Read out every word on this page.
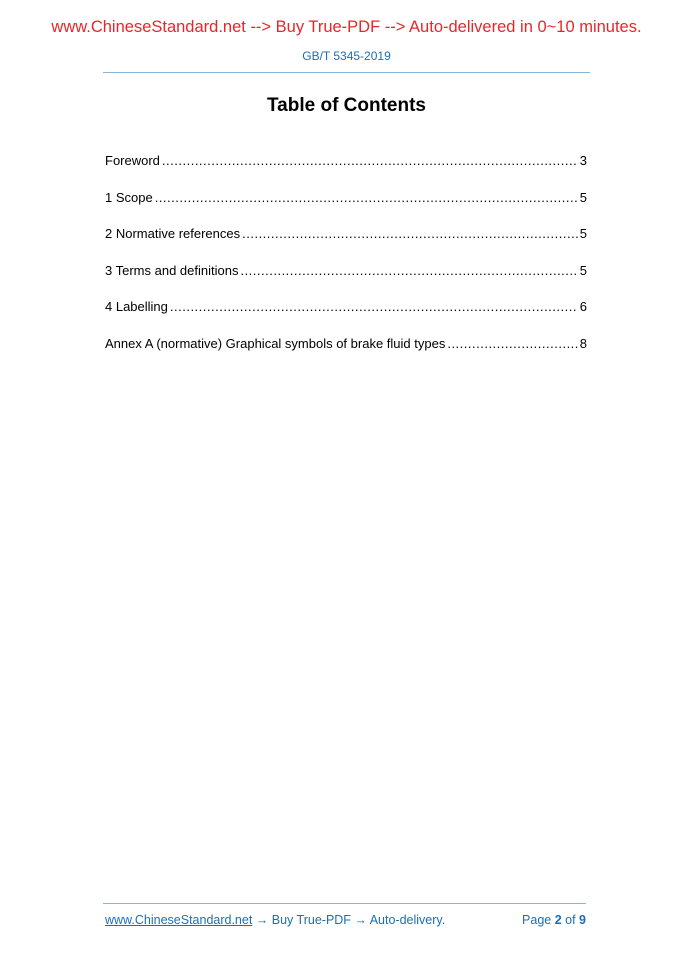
www.ChineseStandard.net --> Buy True-PDF --> Auto-delivered in 0~10 minutes.
GB/T 5345-2019
Table of Contents
Foreword .....	3
1 Scope .....	5
2 Normative references .....	5
3 Terms and definitions .....	5
4 Labelling .....	6
Annex A (normative) Graphical symbols of brake fluid types .....	8
www.ChineseStandard.net → Buy True-PDF → Auto-delivery.	Page 2 of 9
